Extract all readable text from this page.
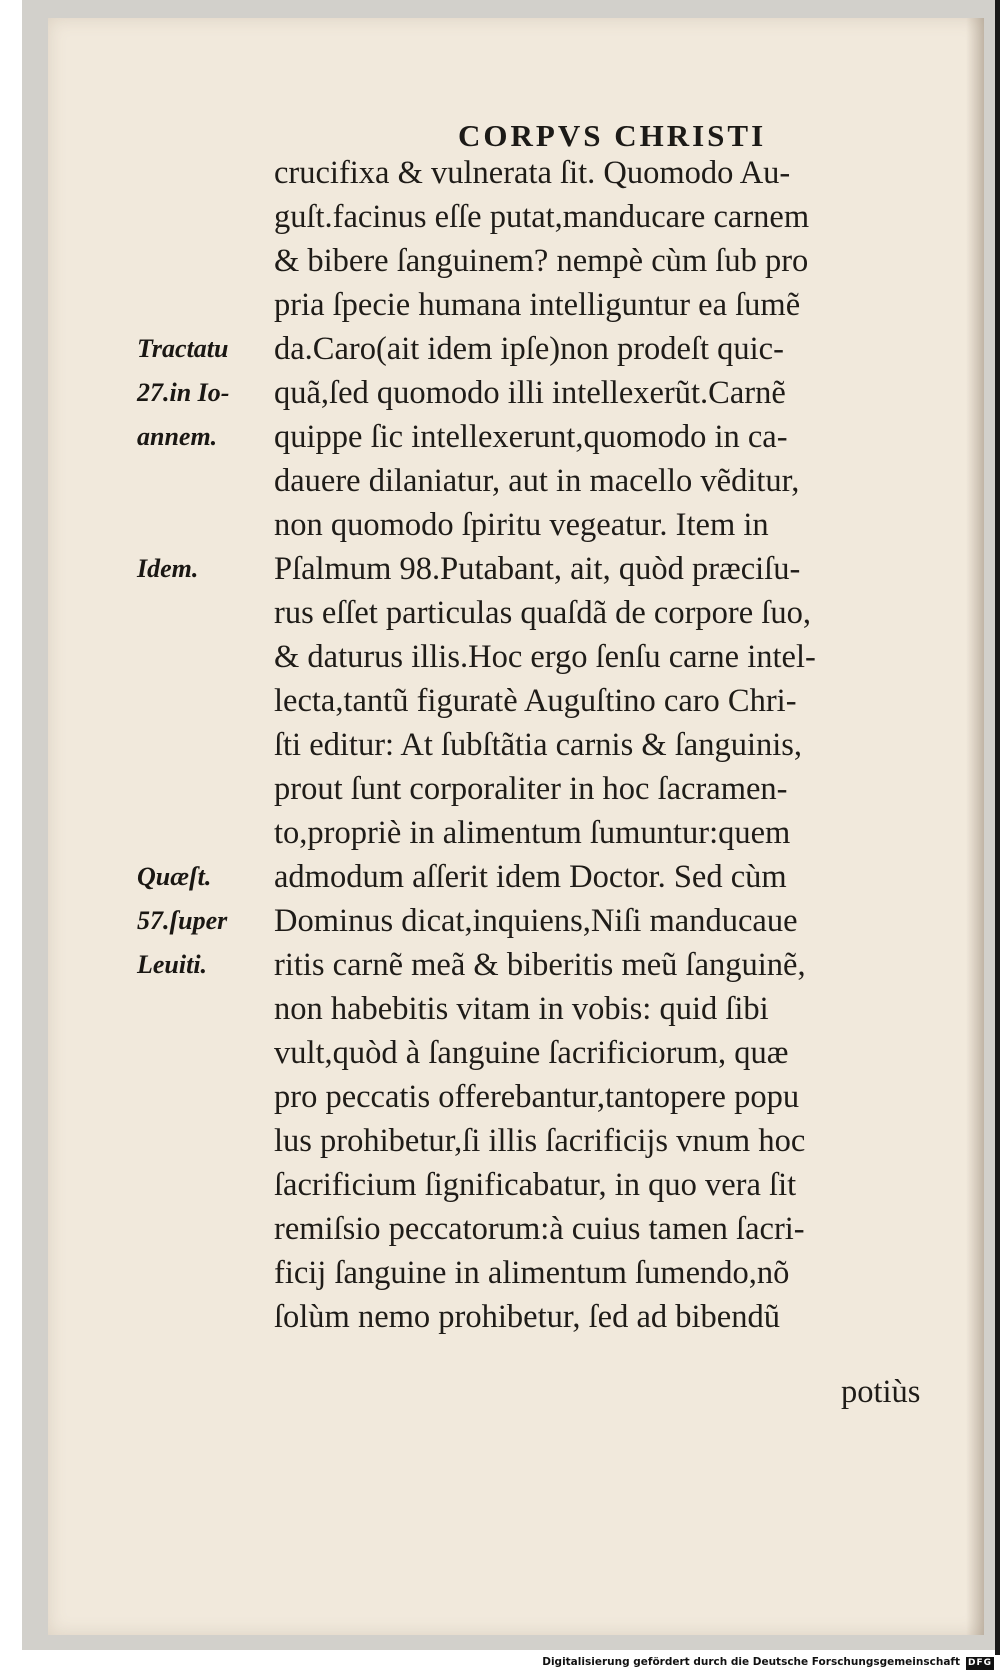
CORPVS CHRISTI
crucifixa & vulnerata ſit. Quomodo Au-
guſt.facinus eſſe putat,manducare carnem
& bibere ſanguinem? nempè cùm ſub pro
pria ſpecie humana intelliguntur ea ſumẽ
da.Caro(ait idem ipſe)non prodeſt quic-
quã,ſed quomodo illi intellexerũt.Carnẽ
quippe ſic intellexerunt,quomodo in ca-
dauere dilaniatur, aut in macello vẽditur,
non quomodo ſpiritu vegeatur. Item in
Pſalmum 98.Putabant, ait, quòd præciſu-
rus eſſet particulas quaſdã de corpore ſuo,
& daturus illis.Hoc ergo ſenſu carne intel-
lecta,tantũ figuratè Auguſtino caro Chri-
ſti editur: At ſubſtãtia carnis & ſanguinis,
prout ſunt corporaliter in hoc ſacramen-
to,propriè in alimentum ſumuntur:quem
admodum aſſerit idem Doctor. Sed cùm
Dominus dicat,inquiens,Niſi manducaue
ritis carnẽ meã & biberitis meũ ſanguinẽ,
non habebitis vitam in vobis: quid ſibi
vult,quòd à ſanguine ſacrificiorum, quæ
pro peccatis offerebantur,tantopere popu
lus prohibetur,ſi illis ſacrificijs vnum hoc
ſacrificium ſignificabatur, in quo vera ſit
remiſsio peccatorum:à cuius tamen ſacri-
ficij ſanguine in alimentum ſumendo,nõ
ſolùm nemo prohibetur, ſed ad bibendũ
Tractatu
27.in Io-
annem.
Idem.
Quæſt.
57.ſuper
Leuiti.
potiùs
Digitalisierung gefördert durch die Deutsche Forschungsgemeinschaft DFG
